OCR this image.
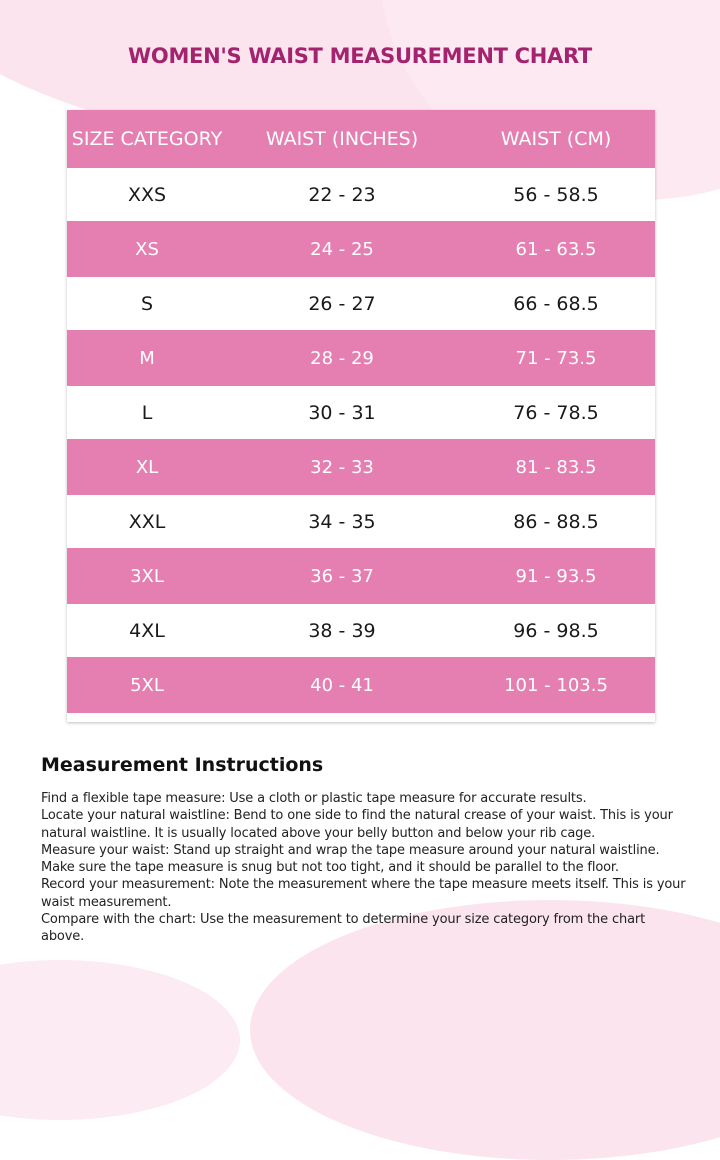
WOMEN'S WAIST MEASUREMENT CHART
SIZE CATEGORY	WAIST (INCHES)	WAIST (CM)
XXS	22 - 23	56 - 58.5
XS	24 - 25	61 - 63.5
S	26 - 27	66 - 68.5
M	28 - 29	71 - 73.5
L	30 - 31	76 - 78.5
XL	32 - 33	81 - 83.5
XXL	34 - 35	86 - 88.5
3XL	36 - 37	91 - 93.5
4XL	38 - 39	96 - 98.5
5XL	40 - 41	101 - 103.5
Measurement Instructions

Find a flexible tape measure: Use a cloth or plastic tape measure for accurate results.

Locate your natural waistline: Bend to one side to find the natural crease of your waist. This is your natural waistline. It is usually located above your belly button and below your rib cage.

Measure your waist: Stand up straight and wrap the tape measure around your natural waistline. Make sure the tape measure is snug but not too tight, and it should be parallel to the floor.

Record your measurement: Note the measurement where the tape measure meets itself. This is your waist measurement.

Compare with the chart: Use the measurement to determine your size category from the chart above.
